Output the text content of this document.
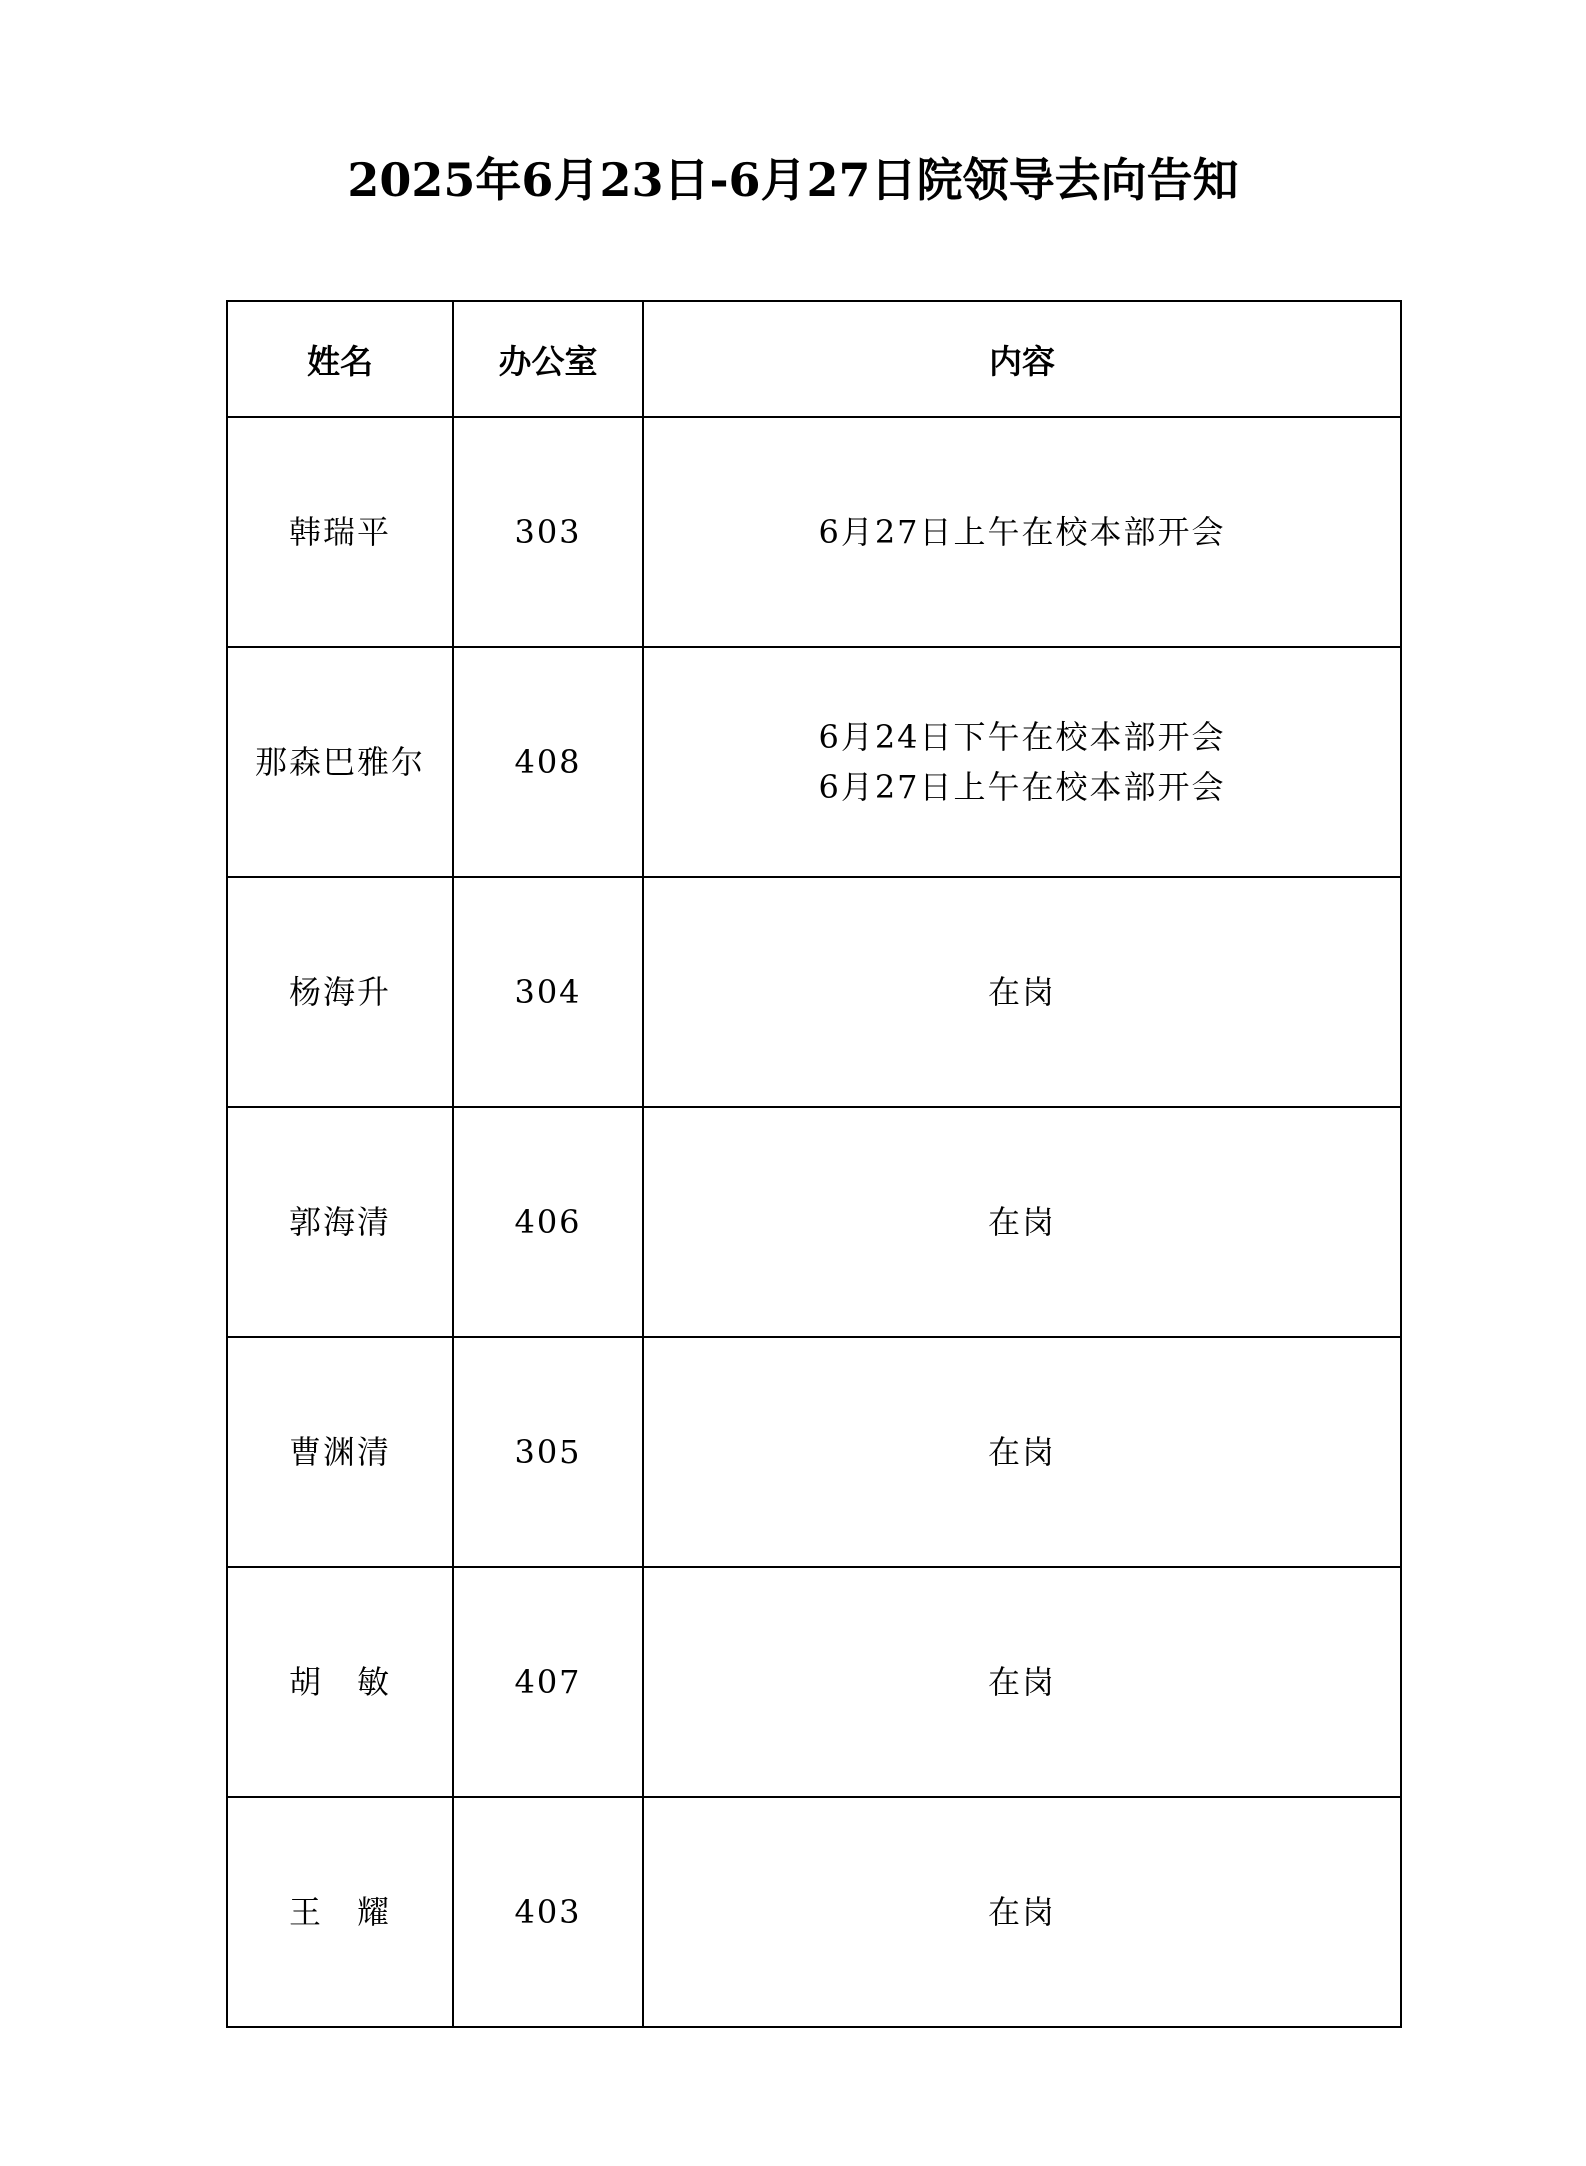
2025年6月23日-6月27日院领导去向告知
姓名	办公室	内容
韩瑞平	303	6月27日上午在校本部开会

那森巴雅尔	408	6月24日下午在校本部开会
6月27日上午在校本部开会

杨海升	304	在岗

郭海清	406	在岗

曹渊清	305	在岗

胡　敏	407	在岗

王　耀	403	在岗
